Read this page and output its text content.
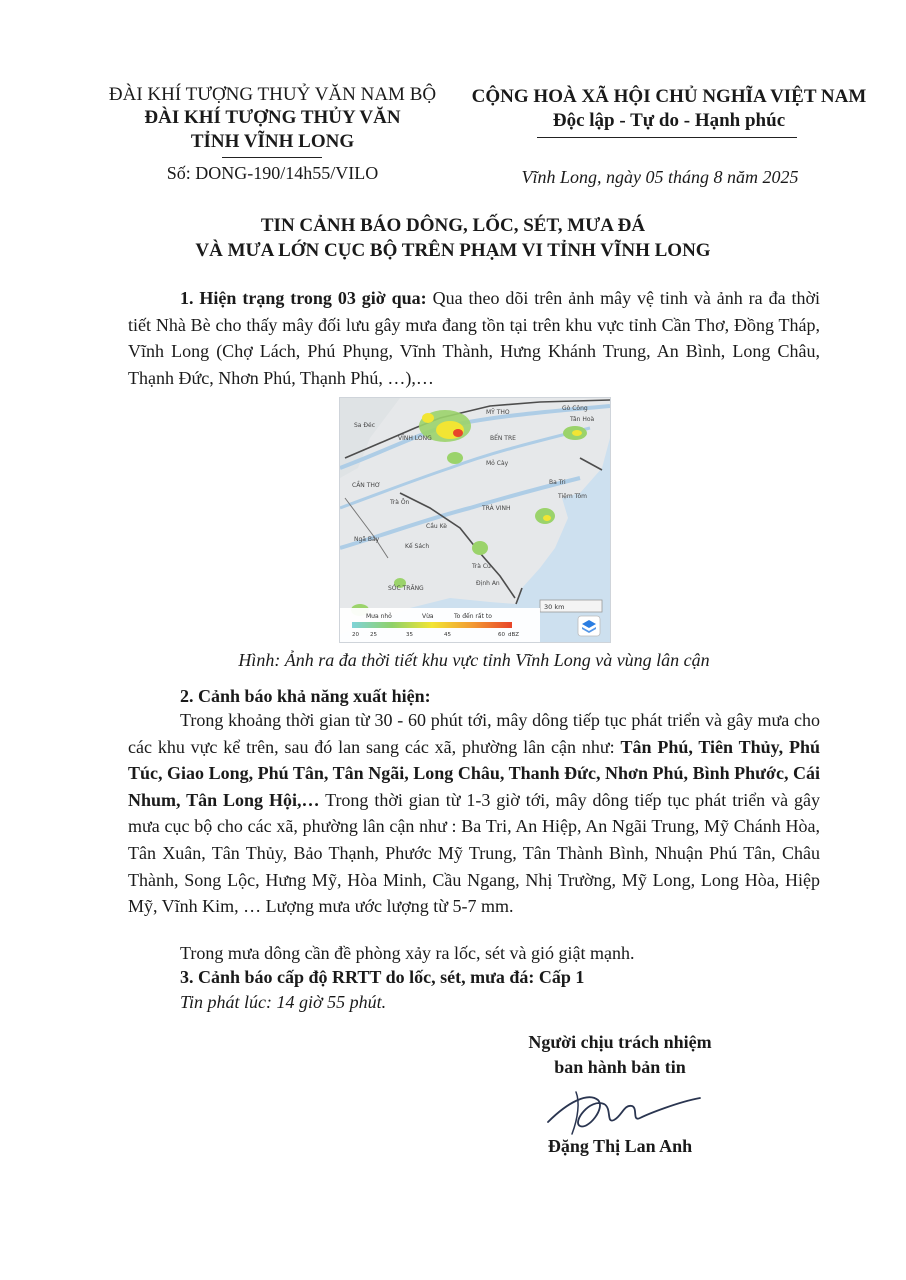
ĐÀI KHÍ TƯỢNG THUỶ VĂN NAM BỘ
ĐÀI KHÍ TƯỢNG THỦY VĂN
TỈNH VĨNH LONG
Số: DONG-190/14h55/VILO
CỘNG HOÀ XÃ HỘI CHỦ NGHĨA VIỆT NAM
Độc lập - Tự do - Hạnh phúc
Vĩnh Long, ngày 05 tháng 8 năm 2025
TIN CẢNH BÁO DÔNG, LỐC, SÉT, MƯA ĐÁ
VÀ MƯA LỚN CỤC BỘ TRÊN PHẠM VI TỈNH VĨNH LONG
1. Hiện trạng trong 03 giờ qua: Qua theo dõi trên ảnh mây vệ tinh và ảnh ra đa thời tiết Nhà Bè cho thấy mây đối lưu gây mưa đang tồn tại trên khu vực tỉnh Cần Thơ, Đồng Tháp, Vĩnh Long (Chợ Lách, Phú Phụng, Vĩnh Thành, Hưng Khánh Trung, An Bình, Long Châu, Thạnh Đức, Nhơn Phú, Thạnh Phú, …),…
Sa Đéc
VĨNH LONG
MỸ THO
Gò Công
Tân Hoà
BẾN TRE
Mỏ Cày
Ba Tri
Tiệm Tôm
CẦN THƠ
Trà Ôn
TRÀ VINH
Cầu Kè
Ngã Bảy
Kế Sách
Trà Cú
Định An
SÓC TRĂNG
30 km
Mưa nhỏ	Vừa	To đến rất to
20 25	35	45	60 dBZ
Hình: Ảnh ra đa thời tiết khu vực tỉnh Vĩnh Long và vùng lân cận
2. Cảnh báo khả năng xuất hiện:
Trong khoảng thời gian từ 30 - 60 phút tới, mây dông tiếp tục phát triển và gây mưa cho các khu vực kể trên, sau đó lan sang các xã, phường lân cận như: Tân Phú, Tiên Thủy, Phú Túc, Giao Long, Phú Tân, Tân Ngãi, Long Châu, Thanh Đức, Nhơn Phú, Bình Phước, Cái Nhum, Tân Long Hội,… Trong thời gian từ 1-3 giờ tới, mây dông tiếp tục phát triển và gây mưa cục bộ cho các xã, phường lân cận như : Ba Tri, An Hiệp, An Ngãi Trung, Mỹ Chánh Hòa, Tân Xuân, Tân Thủy, Bảo Thạnh, Phước Mỹ Trung, Tân Thành Bình, Nhuận Phú Tân, Châu Thành, Song Lộc, Hưng Mỹ, Hòa Minh, Cầu Ngang, Nhị Trường, Mỹ Long, Long Hòa, Hiệp Mỹ, Vĩnh Kim, … Lượng mưa ước lượng từ 5-7 mm.
Trong mưa dông cần đề phòng xảy ra lốc, sét và gió giật mạnh.
3. Cảnh báo cấp độ RRTT do lốc, sét, mưa đá: Cấp 1
Tin phát lúc: 14 giờ 55 phút.
Người chịu trách nhiệm
ban hành bản tin
Đặng Thị Lan Anh
